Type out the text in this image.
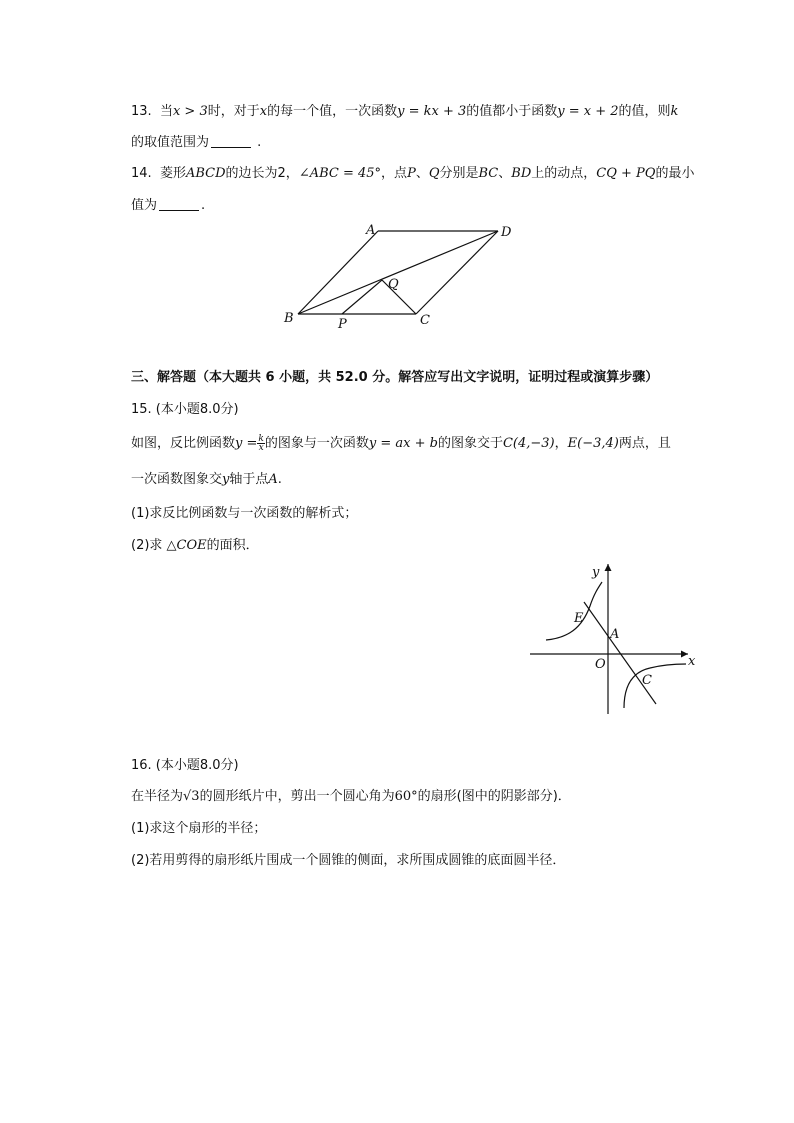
13. 当x > 3时，对于x的每一个值，一次函数y = kx + 3的值都小于函数y = x + 2的值，则k
的取值范围为	.
14. 菱形ABCD的边长为2，∠ABC = 45°，点P、Q分别是BC、BD上的动点，CQ + PQ的最小
值为	.
A	D
B	C
P
Q
三、解答题（本大题共 6 小题，共 52.0 分。解答应写出文字说明，证明过程或演算步骤）
15. (本小题8.0分)
如图，反比例函数$y = \frac{k}{x}$ 的图象与一次函数y = ax + b的图象交于C(4,−3)，E(−3,4)两点，且
一次函数图象交y轴于点A.
(1)求反比例函数与一次函数的解析式；
(2)求 △COE的面积．
y
x
O
A
E
C
16. (本小题8.0分)
在半径为√3的圆形纸片中，剪出一个圆心角为60°的扇形(图中的阴影部分)．
(1)求这个扇形的半径；
(2)若用剪得的扇形纸片围成一个圆锥的侧面，求所围成圆锥的底面圆半径．
